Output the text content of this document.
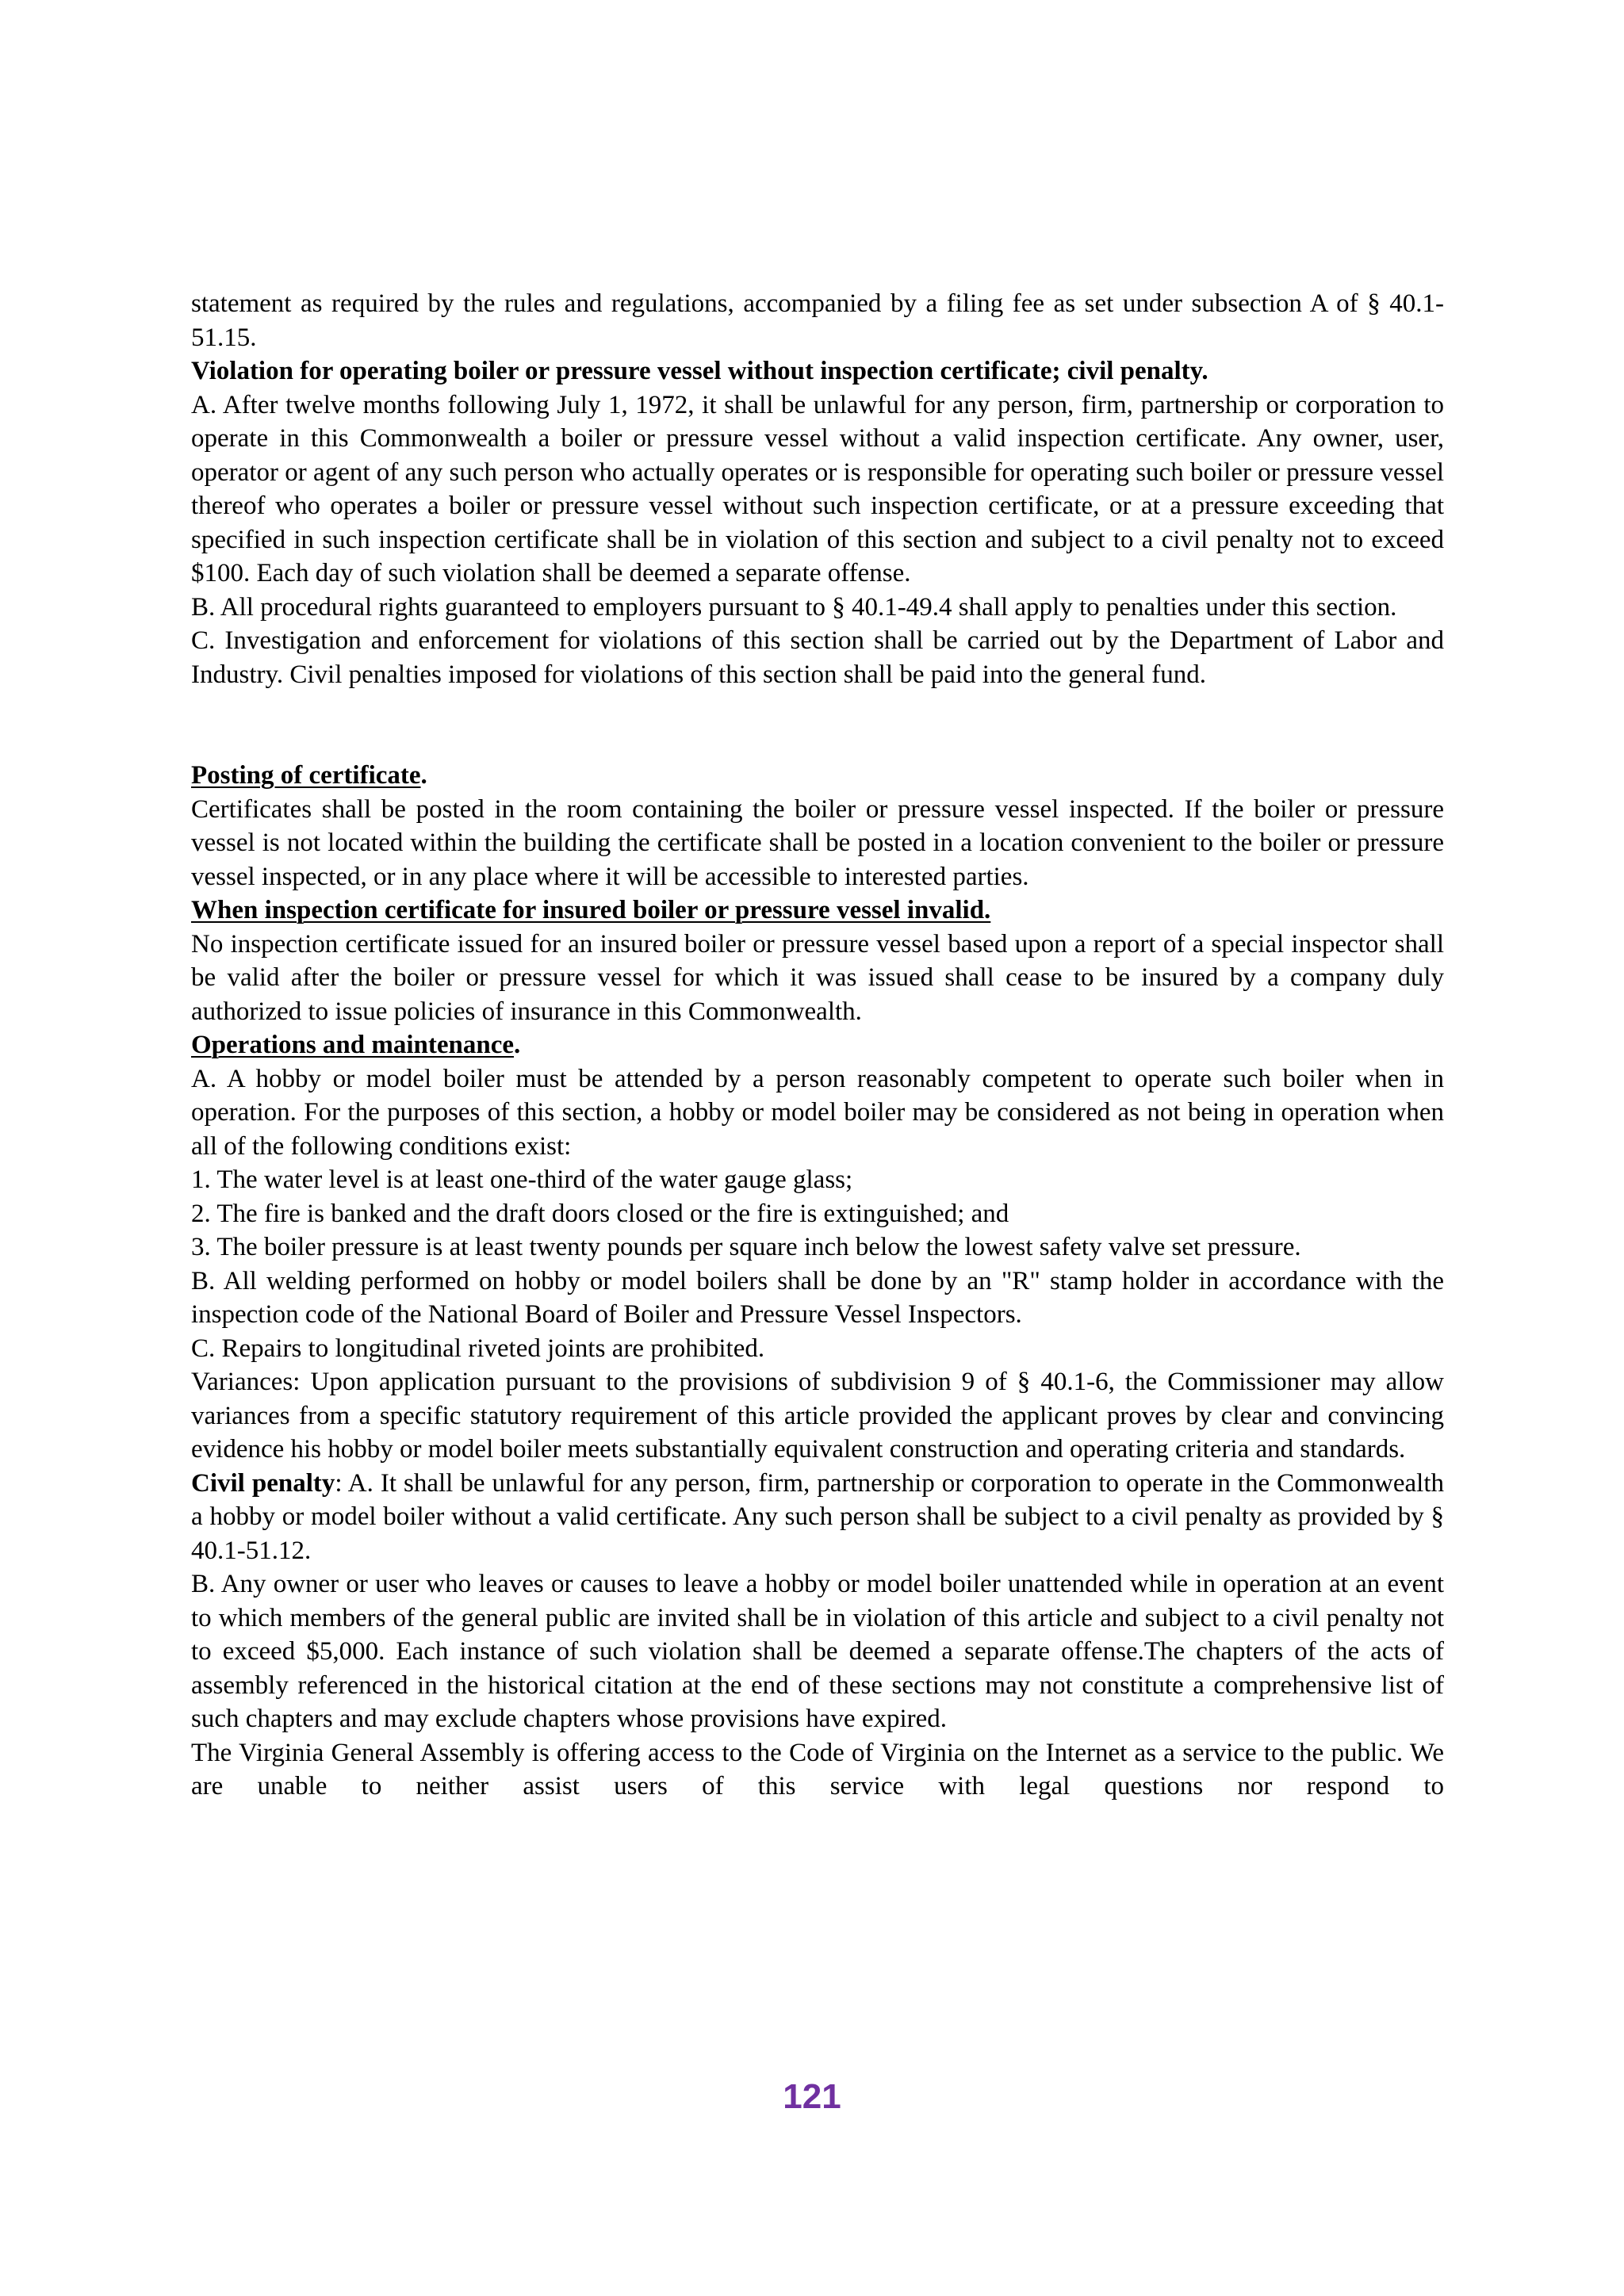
statement as required by the rules and regulations, accompanied by a filing fee as set under subsection A of § 40.1-51.15.

Violation for operating boiler or pressure vessel without inspection certificate; civil penalty.

A. After twelve months following July 1, 1972, it shall be unlawful for any person, firm, partnership or corporation to operate in this Commonwealth a boiler or pressure vessel without a valid inspection certificate. Any owner, user, operator or agent of any such person who actually operates or is responsible for operating such boiler or pressure vessel thereof who operates a boiler or pressure vessel without such inspection certificate, or at a pressure exceeding that specified in such inspection certificate shall be in violation of this section and subject to a civil penalty not to exceed $100. Each day of such violation shall be deemed a separate offense.

B. All procedural rights guaranteed to employers pursuant to § 40.1-49.4 shall apply to penalties under this section.

C. Investigation and enforcement for violations of this section shall be carried out by the Department of Labor and Industry. Civil penalties imposed for violations of this section shall be paid into the general fund.

Posting of certificate.

Certificates shall be posted in the room containing the boiler or pressure vessel inspected. If the boiler or pressure vessel is not located within the building the certificate shall be posted in a location convenient to the boiler or pressure vessel inspected, or in any place where it will be accessible to interested parties.

When inspection certificate for insured boiler or pressure vessel invalid.

No inspection certificate issued for an insured boiler or pressure vessel based upon a report of a special inspector shall be valid after the boiler or pressure vessel for which it was issued shall cease to be insured by a company duly authorized to issue policies of insurance in this Commonwealth.

Operations and maintenance.

A. A hobby or model boiler must be attended by a person reasonably competent to operate such boiler when in operation. For the purposes of this section, a hobby or model boiler may be considered as not being in operation when all of the following conditions exist:

1. The water level is at least one-third of the water gauge glass;

2. The fire is banked and the draft doors closed or the fire is extinguished; and

3. The boiler pressure is at least twenty pounds per square inch below the lowest safety valve set pressure.

B. All welding performed on hobby or model boilers shall be done by an "R" stamp holder in accordance with the inspection code of the National Board of Boiler and Pressure Vessel Inspectors.

C. Repairs to longitudinal riveted joints are prohibited.

Variances: Upon application pursuant to the provisions of subdivision 9 of § 40.1-6, the Commissioner may allow variances from a specific statutory requirement of this article provided the applicant proves by clear and convincing evidence his hobby or model boiler meets substantially equivalent construction and operating criteria and standards.

Civil penalty: A. It shall be unlawful for any person, firm, partnership or corporation to operate in the Commonwealth a hobby or model boiler without a valid certificate. Any such person shall be subject to a civil penalty as provided by § 40.1-51.12.

B. Any owner or user who leaves or causes to leave a hobby or model boiler unattended while in operation at an event to which members of the general public are invited shall be in violation of this article and subject to a civil penalty not to exceed $5,000. Each instance of such violation shall be deemed a separate offense.The chapters of the acts of assembly referenced in the historical citation at the end of these sections may not constitute a comprehensive list of such chapters and may exclude chapters whose provisions have expired.

The Virginia General Assembly is offering access to the Code of Virginia on the Internet as a service to the public. We are unable to neither assist users of this service with legal questions nor respond to

121
